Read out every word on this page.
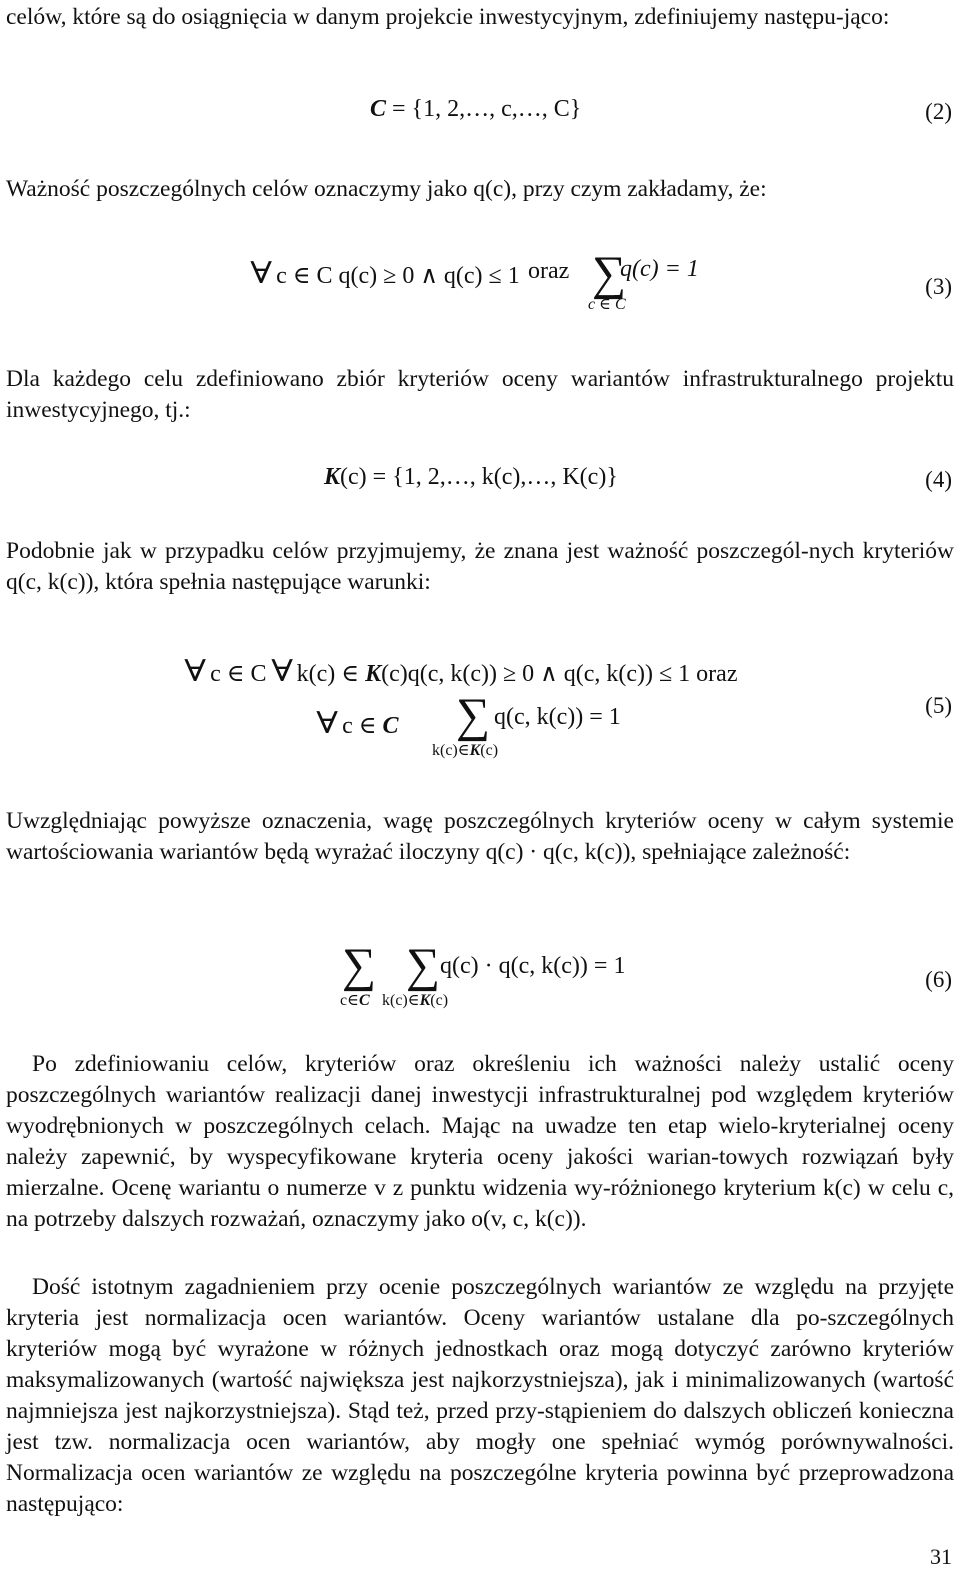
celów, które są do osiągnięcia w danym projekcie inwestycyjnym, zdefiniujemy następu-jąco:

C = {1, 2,…, c,…, C}	(2)

Ważność poszczególnych celów oznaczymy jako q(c), przy czym zakładamy, że:

∀ c ∈ C q(c) ≥ 0 ∧ q(c) ≤ 1 oraz ∑
q(c) = 1
c ∈ C
(3)

Dla każdego celu zdefiniowano zbiór kryteriów oceny wariantów infrastrukturalnego projektu inwestycyjnego, tj.:

K(c) = {1, 2,…, k(c),…, K(c)}	(4)

Podobnie jak w przypadku celów przyjmujemy, że znana jest ważność poszczegól-nych kryteriów q(c, k(c)), która spełnia następujące warunki:

∀ c ∈ C ∀ k(c) ∈ K(c)q(c, k(c)) ≥ 0 ∧ q(c, k(c)) ≤ 1 oraz
∀ c ∈ C ∑ q(c, k(c)) = 1
k(c)∈K(c)
(5)

Uwzględniając powyższe oznaczenia, wagę poszczególnych kryteriów oceny w całym systemie wartościowania wariantów będą wyrażać iloczyny q(c) · q(c, k(c)), spełniające zależność:

∑ ∑ q(c) · q(c, k(c)) = 1
c∈C k(c)∈K(c)
(6)

Po zdefiniowaniu celów, kryteriów oraz określeniu ich ważności należy ustalić oceny poszczególnych wariantów realizacji danej inwestycji infrastrukturalnej pod względem kryteriów wyodrębnionych w poszczególnych celach. Mając na uwadze ten etap wielo-kryterialnej oceny należy zapewnić, by wyspecyfikowane kryteria oceny jakości warian-towych rozwiązań były mierzalne. Ocenę wariantu o numerze v z punktu widzenia wy-różnionego kryterium k(c) w celu c, na potrzeby dalszych rozważań, oznaczymy jako o(v, c, k(c)).

Dość istotnym zagadnieniem przy ocenie poszczególnych wariantów ze względu na przyjęte kryteria jest normalizacja ocen wariantów. Oceny wariantów ustalane dla po-szczególnych kryteriów mogą być wyrażone w różnych jednostkach oraz mogą dotyczyć zarówno kryteriów maksymalizowanych (wartość największa jest najkorzystniejsza), jak i minimalizowanych (wartość najmniejsza jest najkorzystniejsza). Stąd też, przed przy-stąpieniem do dalszych obliczeń konieczna jest tzw. normalizacja ocen wariantów, aby mogły one spełniać wymóg porównywalności. Normalizacja ocen wariantów ze względu na poszczególne kryteria powinna być przeprowadzona następująco:

31
